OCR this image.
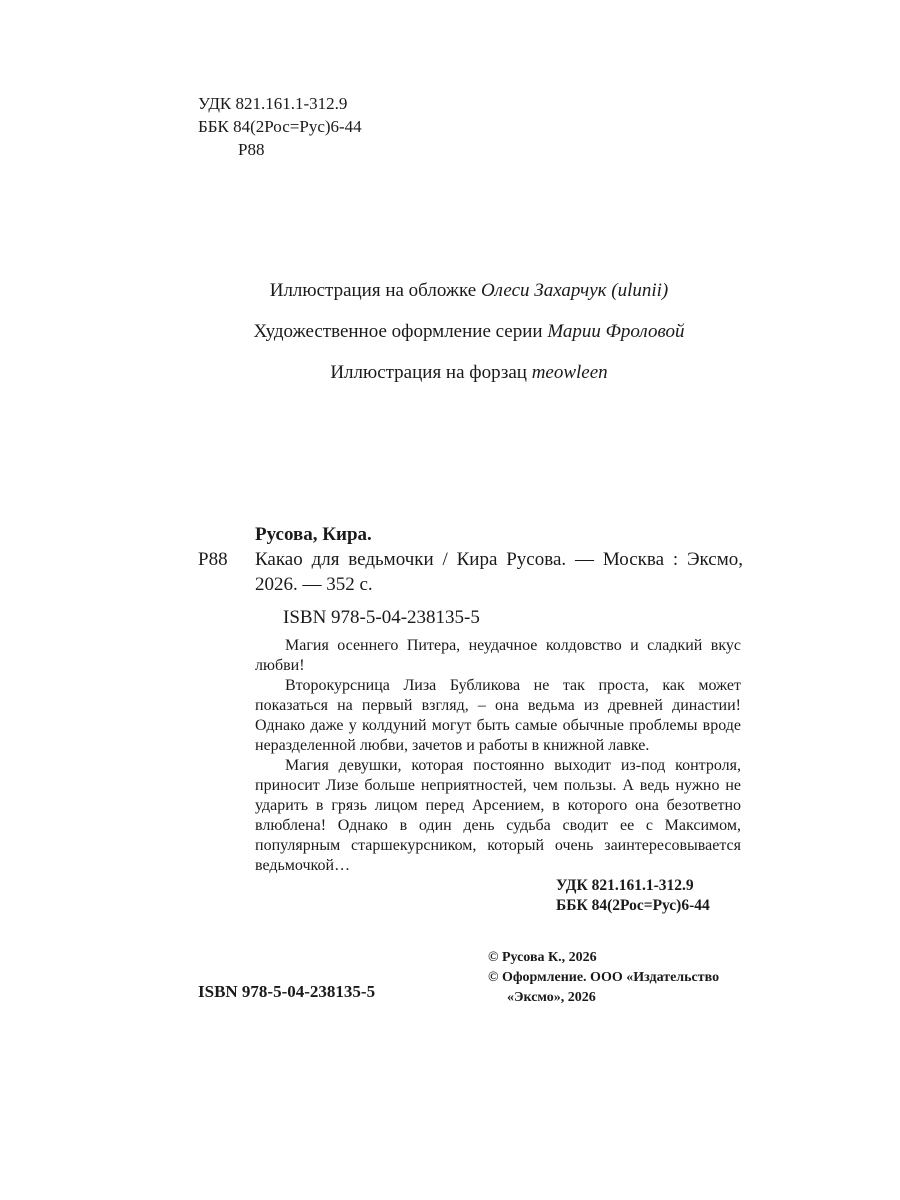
УДК 821.161.1-312.9
ББК 84(2Рос=Рус)6-44
Р88
Иллюстрация на обложке Олеси Захарчук (ulunii)
Художественное оформление серии Марии Фроловой
Иллюстрация на форзац meowleen
Русова, Кира.
Р88	Какао для ведьмочки / Кира Русова. — Москва : Эксмо, 2026. — 352 с.
ISBN 978-5-04-238135-5

Магия осеннего Питера, неудачное колдовство и сладкий вкус любви!

Второкурсница Лиза Бубликова не так проста, как может показаться на первый взгляд, – она ведьма из древней династии! Однако даже у колдуний могут быть самые обычные проблемы вроде неразделенной любви, зачетов и работы в книжной лавке.

Магия девушки, которая постоянно выходит из-под контроля, приносит Лизе больше неприятностей, чем пользы. А ведь нужно не ударить в грязь лицом перед Арсением, в которого она безответно влюблена! Однако в один день судьба сводит ее с Максимом, популярным старшекурсником, который очень заинтересовывается ведьмочкой…

УДК 821.161.1-312.9
ББК 84(2Рос=Рус)6-44
© Русова К., 2026
© Оформление. ООО «Издательство
«Эксмо», 2026
ISBN 978-5-04-238135-5
